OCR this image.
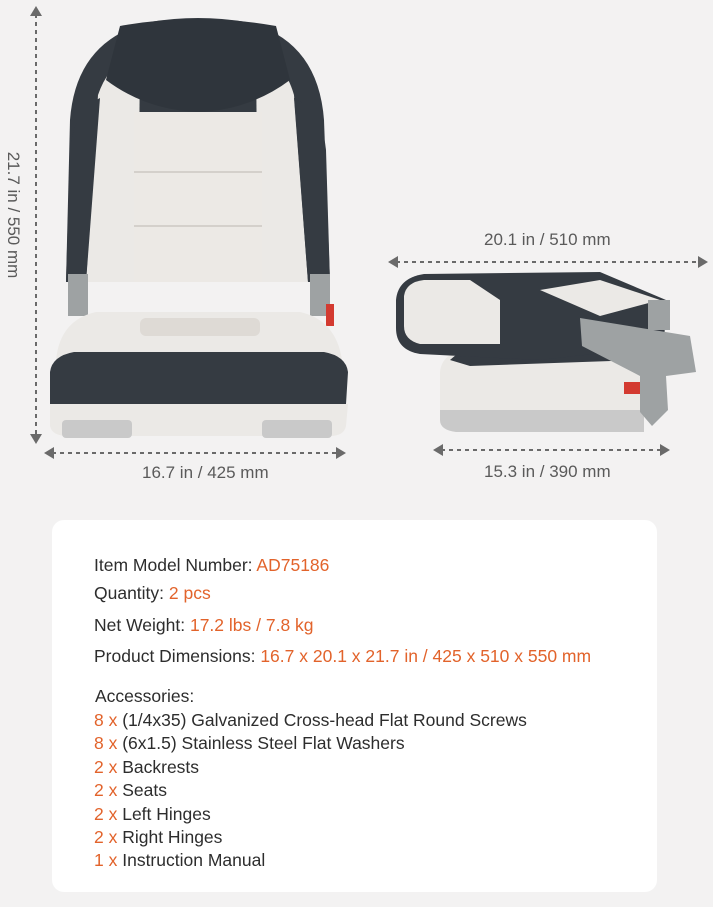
21.7 in / 550 mm
16.7 in / 425 mm
20.1 in / 510 mm
15.3 in / 390 mm
Item Model Number: AD75186
Quantity: 2 pcs
Net Weight: 17.2 lbs / 7.8 kg
Product Dimensions: 16.7 x 20.1 x 21.7 in / 425 x 510 x 550 mm
Accessories:
8 x (1/4x35) Galvanized Cross-head Flat Round Screws
8 x (6x1.5) Stainless Steel Flat Washers
2 x Backrests
2 x Seats
2 x Left Hinges
2 x Right Hinges
1 x Instruction Manual
